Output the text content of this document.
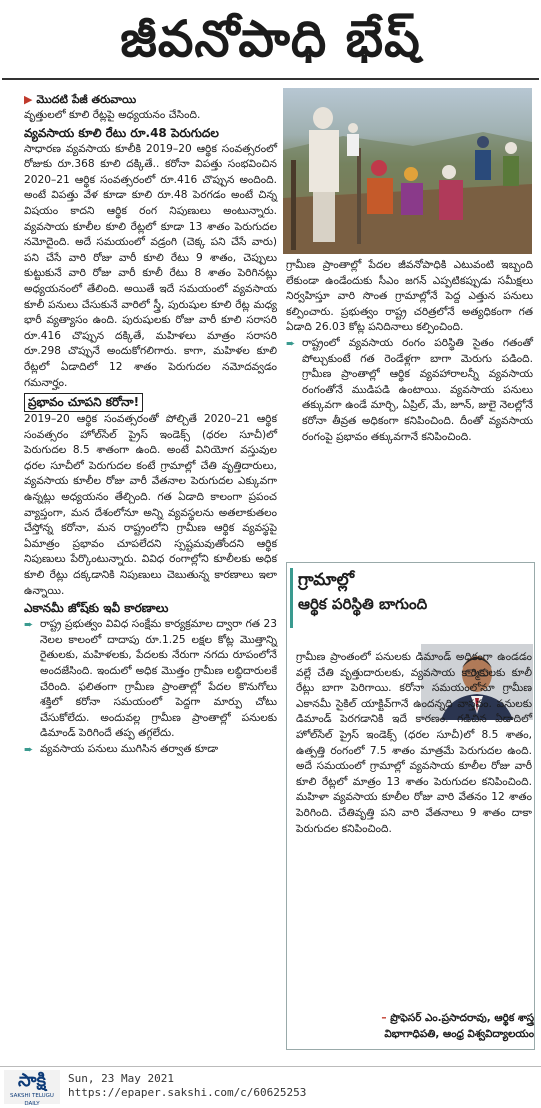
జీవనోపాధి భేష్
▶ మొదటి పేజీ తరువాయి

వృత్తులలో కూలి రేట్లపై అధ్యయనం చేసింది.

వ్యవసాయ కూలి రేటు రూ.48 పెరుగుదల

సాధారణ వ్యవసాయ కూలీకి 2019–20 ఆర్థిక సంవత్సరంలో రోజుకు రూ.368 కూలి దక్కితే.. కరోనా విపత్తు సంభవించిన 2020–21 ఆర్థిక సంవత్సరంలో రూ.416 చొప్పున అందింది. అంటే విపత్తు వేళ కూడా కూలి రూ.48 పెరగడం అంటే చిన్న విషయం కాదని ఆర్థిక రంగ నిపుణులు అంటున్నారు. వ్యవసాయ కూలీల కూలి రేట్లలో కూడా 13 శాతం పెరుగుదల నమోదైంది. అదే సమయంలో వడ్రంగి (చెక్క పని చేసే వారు) పని చేసే వారి రోజు వారీ కూలి రేటు 9 శాతం, చెప్పులు కుట్టుకునే వారి రోజు వారీ కూలీ రేటు 8 శాతం పెరిగినట్లు అధ్యయనంలో తేలింది. అయితే ఇదే సమయంలో వ్యవసాయ కూలీ పనులు చేసుకునే వారిలో స్త్రీ, పురుషుల కూలి రేట్ల మధ్య భారీ వ్యత్యాసం ఉంది. పురుషులకు రోజు వారీ కూలి సరాసరి రూ.416 చొప్పున దక్కితే, మహిళలు మాత్రం సరాసరి రూ.298 చొప్పునే అందుకోగలిగారు. కాగా, మహిళల కూలి రేట్లలో ఏడాదిలో 12 శాతం పెరుగుదల నమోదవ్వడం గమనార్హం.

ప్రభావం చూపని కరోనా!

2019–20 ఆర్థిక సంవత్సరంతో పోల్చితే 2020–21 ఆర్థిక సంవత్సరం హోల్‌సేల్ ప్రైస్ ఇండెక్స్ (ధరల సూచీ)లో పెరుగుదల 8.5 శాతంగా ఉంది. అంటే వినియోగ వస్తువుల ధరల సూచీలో పెరుగుదల కంటే గ్రామాల్లో చేతి వృత్తిదారులు, వ్యవసాయ కూలీల రోజు వారీ వేతనాల పెరుగుదల ఎక్కువగా ఉన్నట్లు అధ్యయనం తేల్చింది. గత ఏడాది కాలంగా ప్రపంచ వ్యాప్తంగా, మన దేశంలోనూ అన్ని వ్యవస్థలను అతలాకుతలం చేస్తోన్న కరోనా, మన రాష్ట్రంలోని గ్రామీణ ఆర్థిక వ్యవస్థపై ఏమాత్రం ప్రభావం చూపలేదని స్పష్టమవుతోందని ఆర్థిక నిపుణులు పేర్కొంటున్నారు. వివిధ రంగాల్లోని కూలీలకు అధిక కూలి రేట్లు దక్కడానికి నిపుణులు చెబుతున్న కారణాలు ఇలా ఉన్నాయి.

ఎకానమీ జోష్‌కు ఇవీ కారణాలు

➨ రాష్ట్ర ప్రభుత్వం వివిధ సంక్షేమ కార్యక్రమాల ద్వారా గత 23 నెలల కాలంలో దాదాపు రూ.1.25 లక్షల కోట్ల మొత్తాన్ని రైతులకు, మహిళలకు, పేదలకు నేరుగా నగదు రూపంలోనే అందజేసింది. ఇందులో అధిక మొత్తం గ్రామీణ లబ్ధిదారులకే చేరింది. ఫలితంగా గ్రామీణ ప్రాంతాల్లో పేదల కొనుగోలు శక్తిలో కరోనా సమయంలో పెద్దగా మార్పు చోటు చేసుకోలేదు. అందువల్ల గ్రామీణ ప్రాంతాల్లో పనులకు డిమాండ్ పెరిగిందే తప్ప తగ్గలేదు.

➨ వ్యవసాయ పనులు ముగిసిన తర్వాత కూడా

గ్రామీణ ప్రాంతాల్లో పేదల జీవనోపాధికి ఎటువంటి ఇబ్బంది లేకుండా ఉండేందుకు సీఎం జగన్ ఎప్పటికప్పుడు సమీక్షలు నిర్వహిస్తూ వారి సొంత గ్రామాల్లోనే పెద్ద ఎత్తున పనులు కల్పించారు. ప్రభుత్వం రాష్ట్ర చరిత్రలోనే అత్యధికంగా గత ఏడాది 26.03 కోట్ల పనిదినాలు కల్పించింది.

➨ రాష్ట్రంలో వ్యవసాయ రంగం పరిస్థితి సైతం గతంతో పోల్చుకుంటే గత రెండేళ్లగా బాగా మెరుగు పడింది. గ్రామీణ ప్రాంతాల్లో ఆర్థిక వ్యవహారాలన్నీ వ్యవసాయ రంగంతోనే ముడిపడి ఉంటాయి. వ్యవసాయ పనులు తక్కువగా ఉండే మార్చి, ఏప్రిల్, మే, జూన్, జులై నెలల్లోనే కరోనా తీవ్రత అధికంగా కనిపించింది. దీంతో వ్యవసాయ రంగంపై ప్రభావం తక్కువగానే కనిపించింది.

గ్రామాల్లో
ఆర్థిక పరిస్థితి బాగుంది

గ్రామీణ ప్రాంతంలో పనులకు డిమాండ్ అధికంగా ఉండడం వల్లే చేతి వృత్తుదారులకు, వ్యవసాయ కార్మికులకు కూలీ రేట్లు బాగా పెరిగాయి. కరోనా సమయంలోనూ గ్రామీణ ఎకానమీ సైకిల్ యాక్టివ్‌గానే ఉందన్నది వాస్తవం. పనులకు డిమాండ్ పెరగడానికి ఇదే కారణం. గడిచిన ఏడాదిలో హోల్‌సేల్ ప్రైస్ ఇండెక్స్ (ధరల సూచీ)లో 8.5 శాతం, ఉత్పత్తి రంగంలో 7.5 శాతం మాత్రమే పెరుగుదల ఉంది. అదే సమయంలో గ్రామాల్లో వ్యవసాయ కూలీల రోజు వారీ కూలి రేట్లలో మాత్రం 13 శాతం పెరుగుదల కనిపించింది. మహిళా వ్యవసాయ కూలీల రోజు వారి వేతనం 12 శాతం పెరిగింది. చేతివృత్తి పని వారి వేతనాలు 9 శాతం దాకా పెరుగుదల కనిపించింది.

– ప్రొఫెసర్ ఎం.ప్రసాదరావు, ఆర్థిక శాస్త్ర
విభాగాధిపతి, ఆంధ్ర విశ్వవిద్యాలయం
సాక్షి
SAKSHI TELUGU DAILY
Sun, 23 May 2021
https://epaper.sakshi.com/c/60625253
